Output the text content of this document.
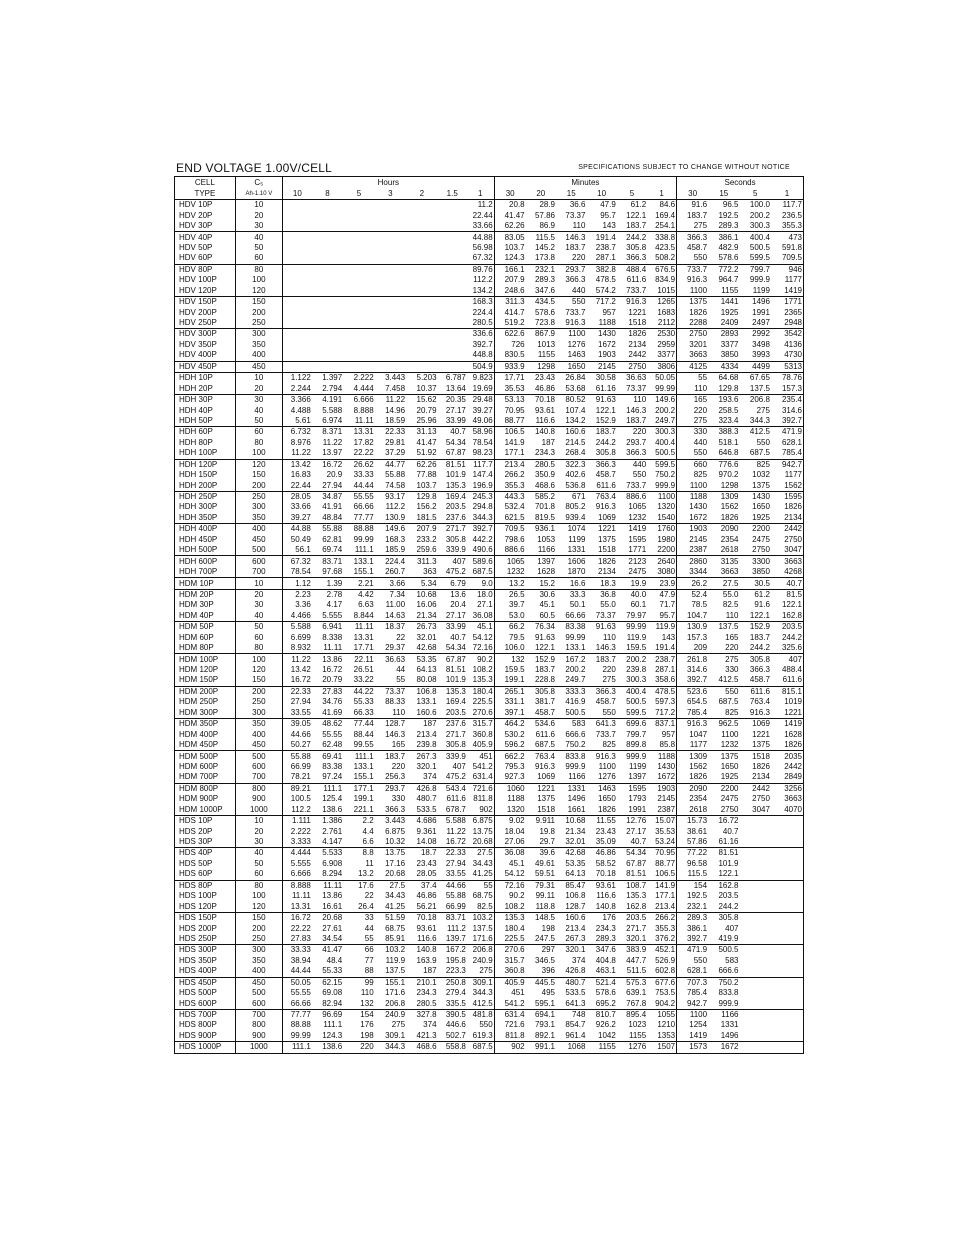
END VOLTAGE 1.00V/CELL	SPECIFICATIONS SUBJECT TO CHANGE WITHOUT NOTICE
CELL	C₅	Hours							Minutes						Seconds			
TYPE	Ah-1.10 V	10	8	5	3	2	1.5	1	30	20	15	10	5	1	30	15	5	1
HDV 10P	10							11.2	20.8	28.9	36.6	47.9	61.2	84.6	91.6	96.5	100.0	117.7
HDV 20P	20							22.44	41.47	57.86	73.37	95.7	122.1	169.4	183.7	192.5	200.2	236.5
HDV 30P	30							33.66	62.26	86.9	110	143	183.7	254.1	275	289.3	300.3	355.3
HDV 40P	40							44.88	83.05	115.5	146.3	191.4	244.2	338.8	366.3	386.1	400.4	473
HDV 50P	50							56.98	103.7	145.2	183.7	238.7	305.8	423.5	458.7	482.9	500.5	591.8
HDV 60P	60							67.32	124.3	173.8	220	287.1	366.3	508.2	550	578.6	599.5	709.5
HDV 80P	80							89.76	166.1	232.1	293.7	382.8	488.4	676.5	733.7	772.2	799.7	946
HDV 100P	100							112.2	207.9	289.3	366.3	478.5	611.6	834.9	916.3	964.7	999.9	1177
HDV 120P	120							134.2	248.6	347.6	440	574.2	733.7	1015	1100	1155	1199	1419
HDV 150P	150							168.3	311.3	434.5	550	717.2	916.3	1265	1375	1441	1496	1771
HDV 200P	200							224.4	414.7	578.6	733.7	957	1221	1683	1826	1925	1991	2365
HDV 250P	250							280.5	519.2	723.8	916.3	1188	1518	2112	2288	2409	2497	2948
HDV 300P	300							336.6	622.6	867.9	1100	1430	1826	2530	2750	2893	2992	3542
HDV 350P	350							392.7	726	1013	1276	1672	2134	2959	3201	3377	3498	4136
HDV 400P	400							448.8	830.5	1155	1463	1903	2442	3377	3663	3850	3993	4730
HDV 450P	450							504.9	933.9	1298	1650	2145	2750	3806	4125	4334	4499	5313
HDH 10P	10	1.122	1.397	2.222	3.443	5.203	6.787	9.823	17.71	23.43	26.84	30.58	36.63	50.05	55	64.68	67.65	78.76
HDH 20P	20	2.244	2.794	4.444	7.458	10.37	13.64	19.69	35.53	46.86	53.68	61.16	73.37	99.99	110	129.8	137.5	157.3
HDH 30P	30	3.366	4.191	6.666	11.22	15.62	20.35	29.48	53.13	70.18	80.52	91.63	110	149.6	165	193.6	206.8	235.4
HDH 40P	40	4.488	5.588	8.888	14.96	20.79	27.17	39.27	70.95	93.61	107.4	122.1	146.3	200.2	220	258.5	275	314.6
HDH 50P	50	5.61	6.974	11.11	18.59	25.96	33.99	49.06	88.77	116.6	134.2	152.9	183.7	249.7	275	323.4	344.3	392.7
HDH 60P	60	6.732	8.371	13.31	22.33	31.13	40.7	58.96	106.5	140.8	160.6	183.7	220	300.3	330	388.3	412.5	471.9
HDH 80P	80	8.976	11.22	17.82	29.81	41.47	54.34	78.54	141.9	187	214.5	244.2	293.7	400.4	440	518.1	550	628.1
HDH 100P	100	11.22	13.97	22.22	37.29	51.92	67.87	98.23	177.1	234.3	268.4	305.8	366.3	500.5	550	646.8	687.5	785.4
HDH 120P	120	13.42	16.72	26.62	44.77	62.26	81.51	117.7	213.4	280.5	322.3	366.3	440	599.5	660	776.6	825	942.7
HDH 150P	150	16.83	20.9	33.33	55.88	77.88	101.9	147.4	266.2	350.9	402.6	458.7	550	750.2	825	970.2	1032	1177
HDH 200P	200	22.44	27.94	44.44	74.58	103.7	135.3	196.9	355.3	468.6	536.8	611.6	733.7	999.9	1100	1298	1375	1562
HDH 250P	250	28.05	34.87	55.55	93.17	129.8	169.4	245.3	443.3	585.2	671	763.4	886.6	1100	1188	1309	1430	1595
HDH 300P	300	33.66	41.91	66.66	112.2	156.2	203.5	294.8	532.4	701.8	805.2	916.3	1065	1320	1430	1562	1650	1826
HDH 350P	350	39.27	48.84	77.77	130.9	181.5	237.6	344.3	621.5	819.5	939.4	1069	1232	1540	1672	1826	1925	2134
HDH 400P	400	44.88	55.88	88.88	149.6	207.9	271.7	392.7	709.5	936.1	1074	1221	1419	1760	1903	2090	2200	2442
HDH 450P	450	50.49	62.81	99.99	168.3	233.2	305.8	442.2	798.6	1053	1199	1375	1595	1980	2145	2354	2475	2750
HDH 500P	500	56.1	69.74	111.1	185.9	259.6	339.9	490.6	886.6	1166	1331	1518	1771	2200	2387	2618	2750	3047
HDH 600P	600	67.32	83.71	133.1	224.4	311.3	407	589.6	1065	1397	1606	1826	2123	2640	2860	3135	3300	3663
HDH 700P	700	78.54	97.68	155.1	260.7	363	475.2	687.5	1232	1628	1870	2134	2475	3080	3344	3663	3850	4268
HDM 10P	10	1.12	1.39	2.21	3.66	5.34	6.79	9.0	13.2	15.2	16.6	18.3	19.9	23.9	26.2	27.5	30.5	40.7
HDM 20P	20	2.23	2.78	4.42	7.34	10.68	13.6	18.0	26.5	30.6	33.3	36.8	40.0	47.9	52.4	55.0	61.2	81.5
HDM 30P	30	3.36	4.17	6.63	11.00	16.06	20.4	27.1	39.7	45.1	50.1	55.0	60.1	71.7	78.5	82.5	91.6	122.1
HDM 40P	40	4.466	5.555	8.844	14.63	21.34	27.17	36.08	53.0	60.5	66.66	73.37	79.97	95.7	104.7	110	122.1	162.8
HDM 50P	50	5.588	6.941	11.11	18.37	26.73	33.99	45.1	66.2	76.34	83.38	91.63	99.99	119.9	130.9	137.5	152.9	203.5
HDM 60P	60	6.699	8.338	13.31	22	32.01	40.7	54.12	79.5	91.63	99.99	110	119.9	143	157.3	165	183.7	244.2
HDM 80P	80	8.932	11.11	17.71	29.37	42.68	54.34	72.16	106.0	122.1	133.1	146.3	159.5	191.4	209	220	244.2	325.6
HDM 100P	100	11.22	13.86	22.11	36.63	53.35	67.87	90.2	132	152.9	167.2	183.7	200.2	238.7	261.8	275	305.8	407
HDM 120P	120	13.42	16.72	26.51	44	64.13	81.51	108.2	159.5	183.7	200.2	220	239.8	287.1	314.6	330	366.3	488.4
HDM 150P	150	16.72	20.79	33.22	55	80.08	101.9	135.3	199.1	228.8	249.7	275	300.3	358.6	392.7	412.5	458.7	611.6
HDM 200P	200	22.33	27.83	44.22	73.37	106.8	135.3	180.4	265.1	305.8	333.3	366.3	400.4	478.5	523.6	550	611.6	815.1
HDM 250P	250	27.94	34.76	55.33	88.33	133.1	169.4	225.5	331.1	381.7	416.9	458.7	500.5	597.3	654.5	687.5	763.4	1019
HDM 300P	300	33.55	41.69	66.33	110	160.6	203.5	270.6	397.1	458.7	500.5	550	599.5	717.2	785.4	825	916.3	1221
HDM 350P	350	39.05	48.62	77.44	128.7	187	237.6	315.7	464.2	534.6	583	641.3	699.6	837.1	916.3	962.5	1069	1419
HDM 400P	400	44.66	55.55	88.44	146.3	213.4	271.7	360.8	530.2	611.6	666.6	733.7	799.7	957	1047	1100	1221	1628
HDM 450P	450	50.27	62.48	99.55	165	239.8	305.8	405.9	596.2	687.5	750.2	825	899.8	85.8	1177	1232	1375	1826
HDM 500P	500	55.88	69.41	111.1	183.7	267.3	339.9	451	662.2	763.4	833.8	916.3	999.9	1188	1309	1375	1518	2035
HDM 600P	600	66.99	83.38	133.1	220	320.1	407	541.2	795.3	916.3	999.9	1100	1199	1430	1562	1650	1826	2442
HDM 700P	700	78.21	97.24	155.1	256.3	374	475.2	631.4	927.3	1069	1166	1276	1397	1672	1826	1925	2134	2849
HDM 800P	800	89.21	111.1	177.1	293.7	426.8	543.4	721.6	1060	1221	1331	1463	1595	1903	2090	2200	2442	3256
HDM 900P	900	100.5	125.4	199.1	330	480.7	611.6	811.8	1188	1375	1496	1650	1793	2145	2354	2475	2750	3663
HDM 1000P	1000	112.2	138.6	221.1	366.3	533.5	678.7	902	1320	1518	1661	1826	1991	2387	2618	2750	3047	4070
HDS 10P	10	1.111	1.386	2.2	3.443	4.686	5.588	6.875	9.02	9.911	10.68	11.55	12.76	15.07	15.73	16.72		
HDS 20P	20	2.222	2.761	4.4	6.875	9.361	11.22	13.75	18.04	19.8	21.34	23.43	27.17	35.53	38.61	40.7		
HDS 30P	30	3.333	4.147	6.6	10.32	14.08	16.72	20.68	27.06	29.7	32.01	35.09	40.7	53.24	57.86	61.16		
HDS 40P	40	4.444	5.533	8.8	13.75	18.7	22.33	27.5	36.08	39.6	42.68	46.86	54.34	70.95	77.22	81.51		
HDS 50P	50	5.555	6.908	11	17.16	23.43	27.94	34.43	45.1	49.61	53.35	58.52	67.87	88.77	96.58	101.9		
HDS 60P	60	6.666	8.294	13.2	20.68	28.05	33.55	41.25	54.12	59.51	64.13	70.18	81.51	106.5	115.5	122.1		
HDS 80P	80	8.888	11.11	17.6	27.5	37.4	44.66	55	72.16	79.31	85.47	93.61	108.7	141.9	154	162.8		
HDS 100P	100	11.11	13.86	22	34.43	46.86	55.88	68.75	90.2	99.11	106.8	116.6	135.3	177.1	192.5	203.5		
HDS 120P	120	13.31	16.61	26.4	41.25	56.21	66.99	82.5	108.2	118.8	128.7	140.8	162.8	213.4	232.1	244.2		
HDS 150P	150	16.72	20.68	33	51.59	70.18	83.71	103.2	135.3	148.5	160.6	176	203.5	266.2	289.3	305.8		
HDS 200P	200	22.22	27.61	44	68.75	93.61	111.2	137.5	180.4	198	213.4	234.3	271.7	355.3	386.1	407		
HDS 250P	250	27.83	34.54	55	85.91	116.6	139.7	171.6	225.5	247.5	267.3	289.3	320.1	376.2	392.7	419.9		
HDS 300P	300	33.33	41.47	66	103.2	140.8	167.2	206.8	270.6	297	320.1	347.6	383.9	452.1	471.9	500.5		
HDS 350P	350	38.94	48.4	77	119.9	163.9	195.8	240.9	315.7	346.5	374	404.8	447.7	526.9	550	583		
HDS 400P	400	44.44	55.33	88	137.5	187	223.3	275	360.8	396	426.8	463.1	511.5	602.8	628.1	666.6		
HDS 450P	450	50.05	62.15	99	155.1	210.1	250.8	309.1	405.9	445.5	480.7	521.4	575.3	677.6	707.3	750.2		
HDS 500P	500	55.55	69.08	110	171.6	234.3	279.4	344.3	451	495	533.5	578.6	639.1	753.5	785.4	833.8		
HDS 600P	600	66.66	82.94	132	206.8	280.5	335.5	412.5	541.2	595.1	641.3	695.2	767.8	904.2	942.7	999.9		
HDS 700P	700	77.77	96.69	154	240.9	327.8	390.5	481.8	631.4	694.1	748	810.7	895.4	1055	1100	1166		
HDS 800P	800	88.88	111.1	176	275	374	446.6	550	721.6	793.1	854.7	926.2	1023	1210	1254	1331		
HDS 900P	900	99.99	124.3	198	309.1	421.3	502.7	619.3	811.8	892.1	961.4	1042	1155	1353	1419	1496		
HDS 1000P	1000	111.1	138.6	220	344.3	468.6	558.8	687.5	902	991.1	1068	1155	1276	1507	1573	1672		
